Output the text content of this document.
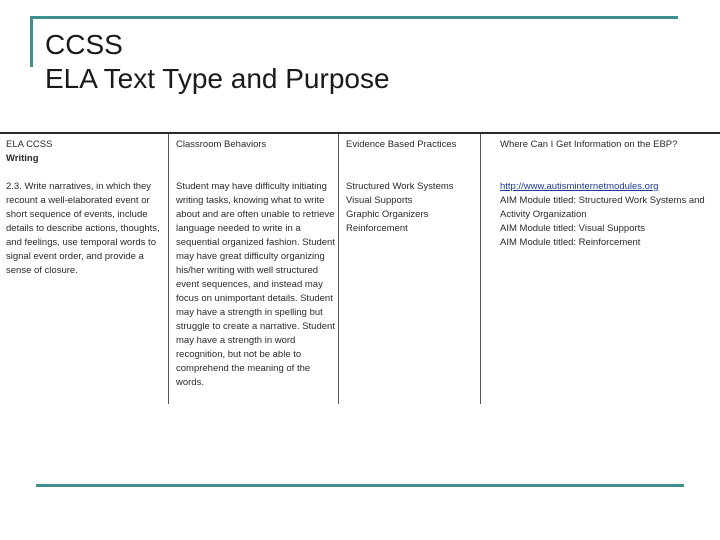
CCSS
ELA Text Type and Purpose
ELA CCSS
Writing
Classroom Behaviors	Evidence Based Practices	Where Can I Get Information on the EBP?
2.3. Write narratives, in which they recount a well-elaborated event or short sequence of events, include details to describe actions, thoughts, and feelings, use temporal words to signal event order, and provide a sense of closure.
Student may have difficulty initiating writing tasks, knowing what to write about and are often unable to retrieve language needed to write in a sequential organized fashion. Student may have great difficulty organizing his/her writing with well structured event sequences, and instead may focus on unimportant details. Student may have a strength in spelling but struggle to create a narrative. Student may have a strength in word recognition, but not be able to comprehend the meaning of the words.
Structured Work Systems
Visual Supports
Graphic Organizers
Reinforcement
http://www.autisminternetmodules.org
AIM Module titled: Structured Work Systems and Activity Organization
AIM Module titled: Visual Supports
AIM Module titled: Reinforcement
